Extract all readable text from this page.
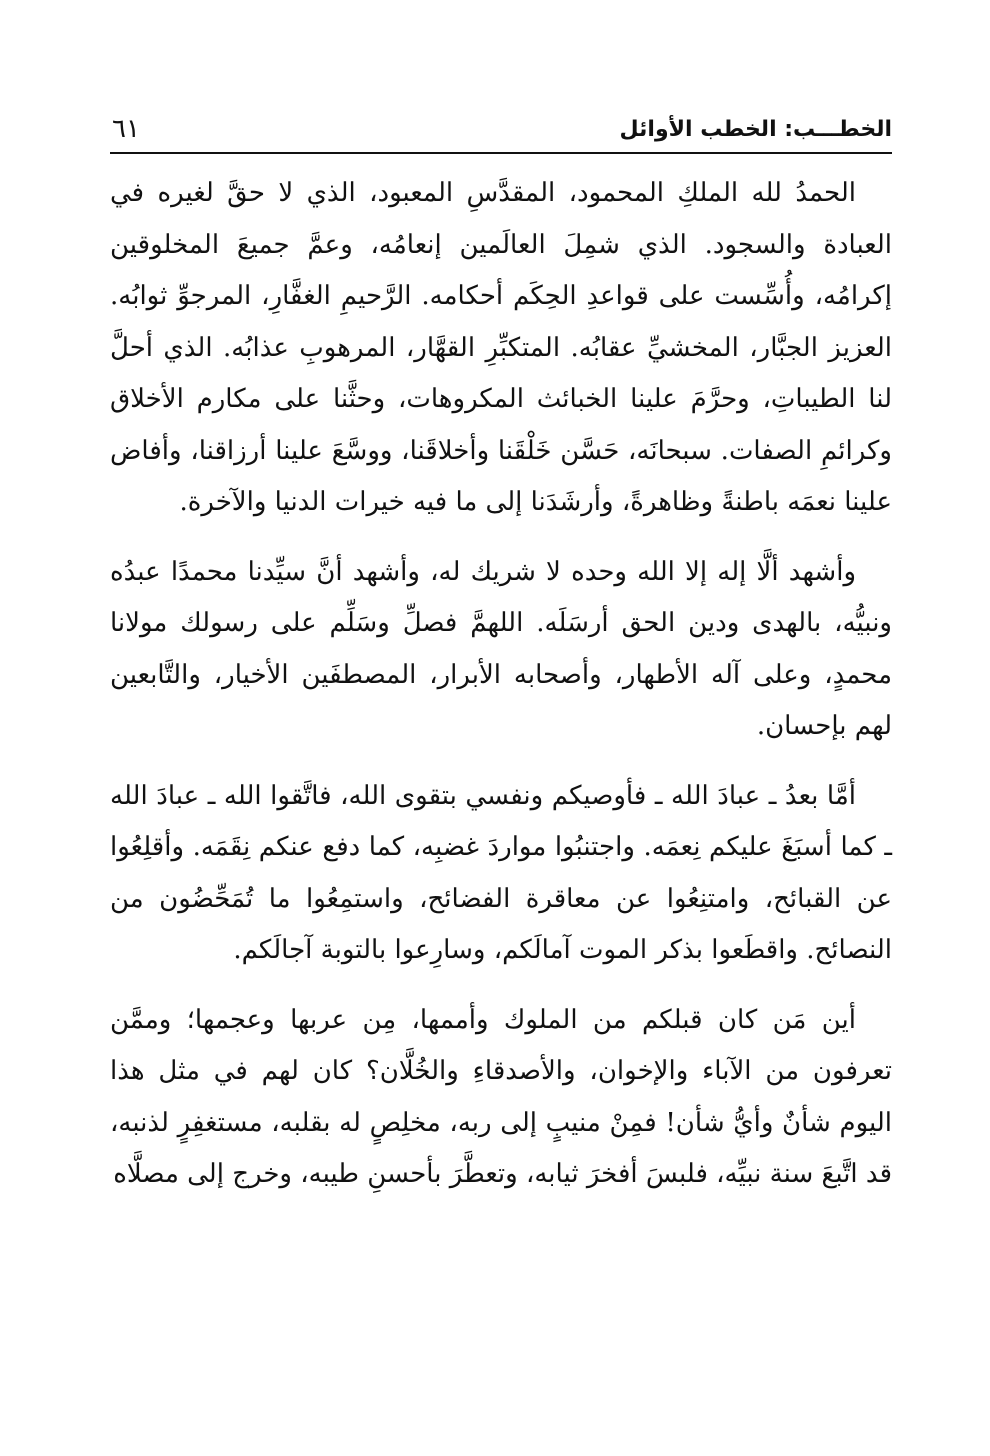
الخطـــب: الخطب الأوائل
٦١

الحمدُ لله الملكِ المحمود، المقدَّسِ المعبود، الذي لا حقَّ لغيره في العبادة والسجود. الذي شمِلَ العالَمين إنعامُه، وعمَّ جميعَ المخلوقين إكرامُه، وأُسِّست على قواعدِ الحِكَم أحكامه. الرَّحيمِ الغفَّارِ، المرجوِّ ثوابُه. العزيز الجبَّار، المخشيِّ عقابُه. المتكبِّرِ القهَّار، المرهوبِ عذابُه. الذي أحلَّ لنا الطيباتِ، وحرَّمَ علينا الخبائث المكروهات، وحثَّنا على مكارم الأخلاق وكرائمِ الصفات. سبحانَه، حَسَّن خَلْقَنا وأخلاقَنا، ووسَّعَ علينا أرزاقنا، وأفاض علينا نعمَه باطنةً وظاهرةً، وأرشَدَنا إلى ما فيه خيرات الدنيا والآخرة.

وأشهد ألَّا إله إلا الله وحده لا شريك له، وأشهد أنَّ سيِّدنا محمدًا عبدُه ونبيُّه، بالهدى ودين الحق أرسَلَه. اللهمَّ فصلِّ وسَلِّم على رسولك مولانا محمدٍ، وعلى آله الأطهار، وأصحابه الأبرار، المصطفَين الأخيار، والتَّابعين لهم بإحسان.

أمَّا بعدُ ـ عبادَ الله ـ فأوصيكم ونفسي بتقوى الله، فاتَّقوا الله ـ عبادَ الله ـ كما أسبَغَ عليكم نِعمَه. واجتنبُوا مواردَ غضبِه، كما دفع عنكم نِقَمَه. وأقلِعُوا عن القبائح، وامتنِعُوا عن معاقرة الفضائح، واستمِعُوا ما تُمَحِّضُون من النصائح. واقطَعوا بذكر الموت آمالَكم، وسارِعوا بالتوبة آجالَكم.

أين مَن كان قبلكم من الملوك وأممها، مِن عربها وعجمها؛ وممَّن تعرفون من الآباء والإخوان، والأصدقاءِ والخُلَّان؟ كان لهم في مثل هذا اليوم شأنٌ وأيُّ شأن! فمِنْ منيبٍ إلى ربه، مخلِصٍ له بقلبه، مستغفِرٍ لذنبه، قد اتَّبعَ سنة نبيِّه، فلبسَ أفخرَ ثيابه، وتعطَّرَ بأحسنِ طيبه، وخرج إلى مصلَّاه
